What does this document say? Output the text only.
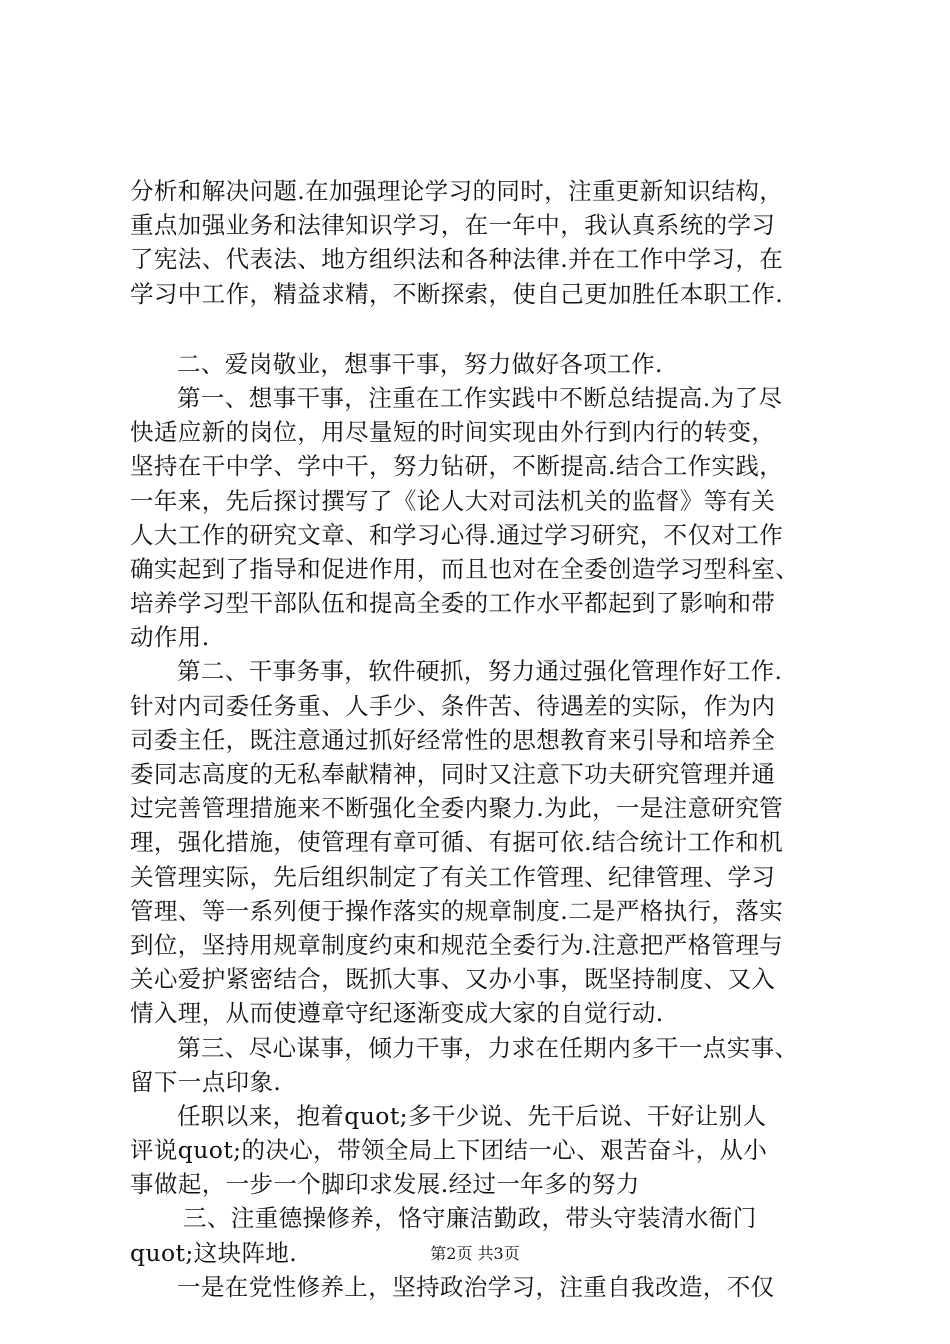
分析和解决问题.在加强理论学习的同时，注重更新知识结构，
重点加强业务和法律知识学习，在一年中，我认真系统的学习
了宪法、代表法、地方组织法和各种法律.并在工作中学习，在
学习中工作，精益求精，不断探索，使自己更加胜任本职工作.
二、爱岗敬业，想事干事，努力做好各项工作.
第一、想事干事，注重在工作实践中不断总结提高.为了尽
快适应新的岗位，用尽量短的时间实现由外行到内行的转变，
坚持在干中学、学中干，努力钻研，不断提高.结合工作实践，
一年来，先后探讨撰写了《论人大对司法机关的监督》等有关
人大工作的研究文章、和学习心得.通过学习研究，不仅对工作
确实起到了指导和促进作用，而且也对在全委创造学习型科室、
培养学习型干部队伍和提高全委的工作水平都起到了影响和带
动作用.
第二、干事务事，软件硬抓，努力通过强化管理作好工作.
针对内司委任务重、人手少、条件苦、待遇差的实际，作为内
司委主任，既注意通过抓好经常性的思想教育来引导和培养全
委同志高度的无私奉献精神，同时又注意下功夫研究管理并通
过完善管理措施来不断强化全委内聚力.为此，一是注意研究管
理，强化措施，使管理有章可循、有据可依.结合统计工作和机
关管理实际，先后组织制定了有关工作管理、纪律管理、学习
管理、等一系列便于操作落实的规章制度.二是严格执行，落实
到位，坚持用规章制度约束和规范全委行为.注意把严格管理与
关心爱护紧密结合，既抓大事、又办小事，既坚持制度、又入
情入理，从而使遵章守纪逐渐变成大家的自觉行动.
第三、尽心谋事，倾力干事，力求在任期内多干一点实事、
留下一点印象.
任职以来，抱着quot;多干少说、先干后说、干好让别人
评说quot;的决心，带领全局上下团结一心、艰苦奋斗，从小
事做起，一步一个脚印求发展.经过一年多的努力
三、注重德操修养，恪守廉洁勤政，带头守装清水衙门
quot;这块阵地.
一是在党性修养上，坚持政治学习，注重自我改造，不仅
第2页 共3页
